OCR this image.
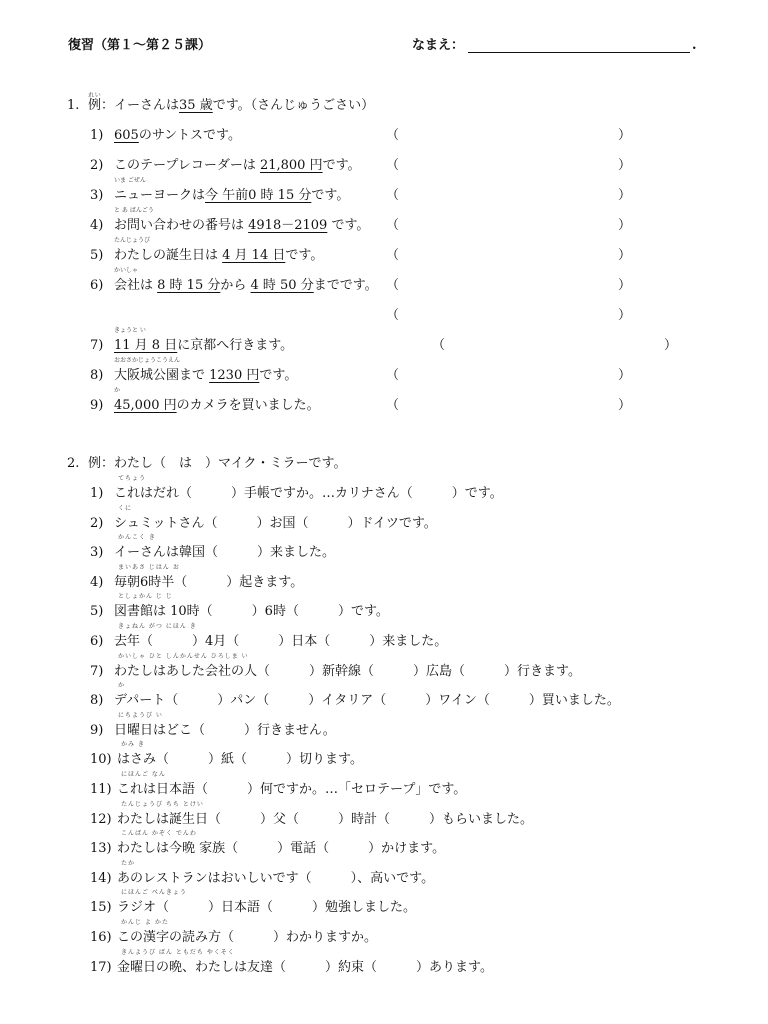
復習（第１〜第２５課）	なまえ：	.
1. 例れい：イーさんは35 歳です。（さんじゅうごさい）
1) 605のサントスです。	（	）
2) このテープレコーダーは 21,800 円です。 （	）
3)
いま ごぜん
ニューヨークは今 午前0 時 15 分です。	（	）
4)
と あ ばんごう
お問い合わせの番号は 4918－2109 です。 （	）
5)
たんじょうび
わたしの誕生日は 4 月 14 日です。	（	）
6)
かいしゃ
会社は 8 時 15 分から 4 時 50 分までです。 （	）
（	）
7)
きょうと い
11 月 8 日に京都へ行きます。	（	）
8)
おおさかじょうこうえん
大阪城公園まで 1230 円です。	（	）
9)
か
45,000 円のカメラを買いました。	（	）
2. 例：わたし（　は　）マイク・ミラーです。
1)
てちょう
これはだれ（　　　）手帳ですか。…カリナさん（　　　）です。
2)
くに
シュミットさん（　　　）お国（　　　）ドイツです。
3)
かんこく き
イーさんは韓国（　　　）来ました。
4)
まいあさ じはん お
毎朝6時半（　　　）起きます。
5)
としょかん じ じ
図書館は 10時（　　　）6時（　　　）です。
6)
きょねん がつ にほん き
去年（　　　）4月（　　　）日本（　　　）来ました。
7)
かいしゃ ひと しんかんせん ひろしま い
わたしはあした会社の人（　　　）新幹線（　　　）広島（　　　）行きます。
8)
か
デパート（　　　）パン（　　　）イタリア（　　　）ワイン（　　　）買いました。
9)
にちようび い
日曜日はどこ（　　　）行きません。
10)
かみ き
はさみ（　　　）紙（　　　）切ります。
11)
にほんご なん
これは日本語（　　　）何ですか。…「セロテープ」です。
12)
たんじょうび ちち とけい
わたしは誕生日（　　　）父（　　　）時計（　　　）もらいました。
13)
こんばん かぞく でんわ
わたしは今晩 家族（　　　）電話（　　　）かけます。
14)
たか
あのレストランはおいしいです（　　　）、高いです。
15)
にほんご べんきょう
ラジオ（　　　）日本語（　　　）勉強しました。
16)
かんじ よ かた
この漢字の読み方（　　　）わかりますか。
17)
きんようび ばん ともだち やくそく
金曜日の晩、わたしは友達（　　　）約束（　　　）あります。
